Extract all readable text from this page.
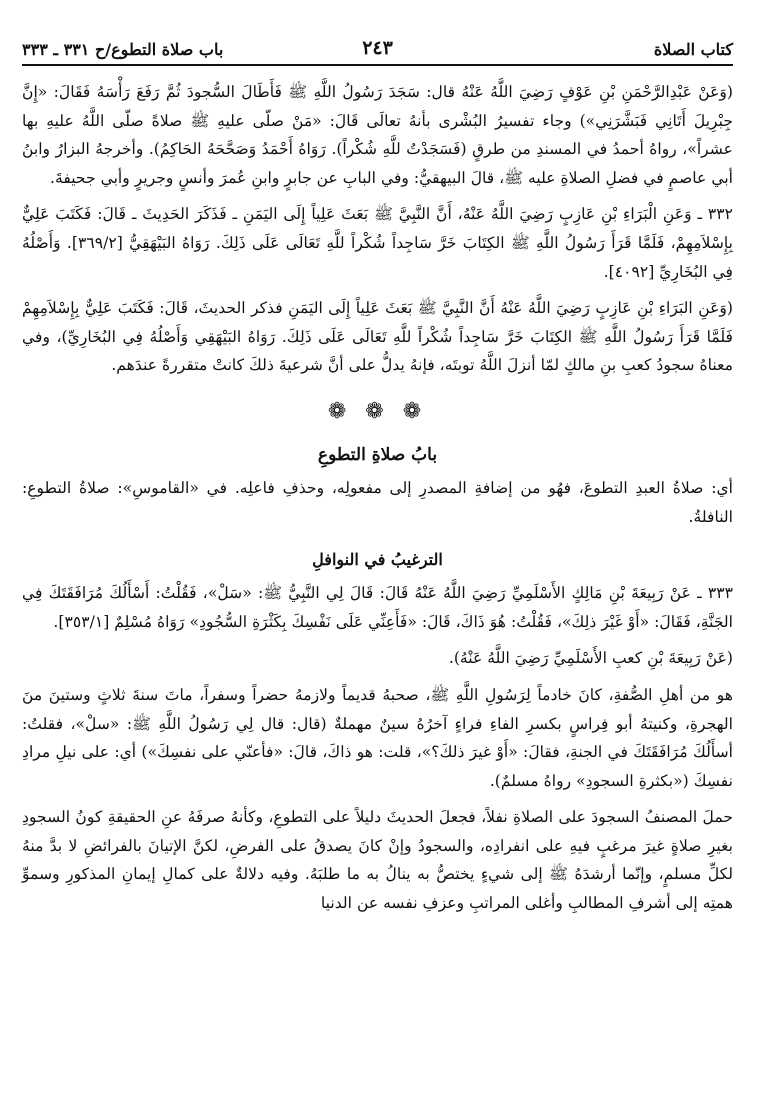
كتاب الصلاة
٢٤٣
باب صلاة التطوع/ح ٣٣١ ـ ٣٣٣

(وَعَنْ عَبْدِالرَّحْمَنِ بْنِ عَوْفٍ رَضِيَ اللَّهُ عَنْهُ قال: سَجَدَ رَسُولُ اللَّهِ ﷺ فَأَطَالَ السُّجودَ ثُمَّ رَفَعَ رَأْسَهُ فَقَالَ: «إِنَّ جِبْرِيلَ أَتَانِي فَبَشَّرَنِي») وجاء تفسيرُ البُشْرى بأنهُ تعالَى قَالَ: «مَنْ صلّى عليهِ ﷺ صلاةً صلّى اللَّهُ عليهِ بها عشراً»، رواهُ أحمدُ في المسندِ من طرقٍ (فَسَجَدْتُ للَّهِ شُكْراً). رَوَاهُ أَحْمَدُ وَصَحَّحَهُ الحَاكِمُ). وأخرجهُ البزارُ وابنُ أبي عاصمٍ في فضلِ الصلاةِ عليه ﷺ، قالَ البيهقيُّ: وفي البابِ عن جابرٍ وابنِ عُمرَ وأنسٍ وجريرٍ وأبي جحيفةَ.

٣٣٢ ـ وَعَنِ الْبَرَاءِ بْنِ عَازِبٍ رَضِيَ اللَّهُ عَنْهُ، أَنَّ النَّبِيَّ ﷺ بَعَثَ عَلِياً إِلَى اليَمَنِ ـ فَذَكَرَ الحَدِيثَ ـ قَالَ: فَكَتَبَ عَلِيٌّ بِإِسْلاَمِهِمْ، فَلَمَّا قَرَأَ رَسُولُ اللَّهِ ﷺ الكِتَابَ خَرَّ سَاجِداً شُكْراً للَّهِ تَعَالَى عَلَى ذَلِكَ. رَوَاهُ البَيْهَقِيُّ [٣٦٩/٢]. وَأَصْلُهُ فِي البُخَارِيِّ [٤٠٩٢].

(وَعَنِ البَرَاءِ بْنِ عَازِبٍ رَضِيَ اللَّهُ عَنْهُ أَنَّ النَّبِيَّ ﷺ بَعَثَ عَلِياً إِلَى اليَمَنِ فذكر الحديثَ، قَالَ: فَكَتَبَ عَلِيٌّ بِإِسْلاَمِهِمْ فَلَمَّا قَرَأَ رَسُولُ اللَّهِ ﷺ الكِتَابَ خَرَّ سَاجِداً شُكْراً للَّهِ تَعَالَى عَلَى ذَلِكَ. رَوَاهُ البَيْهَقِي وَأَصْلُهُ فِي البُخَارِيِّ)، وفي معناهُ سجودُ كعبِ بنِ مالكٍ لمّا أنزلَ اللَّهُ توبتَه، فإنهُ يدلُّ على أنَّ شرعيةَ ذلكَ كانتْ متقررةً عندَهم.

❁ ❁ ❁
بابُ صلاةِ التطوعِ

أي: صلاةُ العبدِ التطوعَ، فهُو من إضافةِ المصدرِ إلى مفعولِه، وحذفِ فاعلِه. في «القاموسِ»: صلاةُ التطوعِ: النافلةُ.

الترغيبُ في النوافلِ

٣٣٣ ـ عَنْ رَبِيعَةَ بْنِ مَالِكٍ الأَسْلَمِيِّ رَضِيَ اللَّهُ عَنْهُ قَالَ: قَالَ لِي النَّبِيُّ ﷺ: «سَلْ»، فَقُلْتُ: أَسْأَلُكَ مُرَافَقَتَكَ فِي الجَنَّةِ، فَقَالَ: «أَوْ غَيْرَ ذلِكَ»، فَقُلْتُ: هُوَ ذَاكَ، قَالَ: «فَأَعِنِّي عَلَى نَفْسِكَ بِكَثْرَةِ السُّجُودِ» رَوَاهُ مُسْلِمٌ [٣٥٣/١].

(عَنْ رَبِيعَةَ بْنِ كعبِ الأَسْلَمِيِّ رَضِيَ اللَّهُ عَنْهُ).

هو من أهلِ الصُّفةِ، كانَ خادماً لِرَسُولِ اللَّهِ ﷺ، صحبهُ قديماً ولازمهُ حضراً وسفراً، ماتَ سنةَ ثلاثٍ وستينَ منَ الهجرةِ، وكنيتهُ أبو فِراسٍ بكسرِ الفاءِ فراءٍ آخرُهُ سينٌ مهملةٌ (قال: قال لِي رَسُولُ اللَّهِ ﷺ: «سلْ»، فقلتُ: أسأَلُكَ مُرَافَقَتَكَ في الجنةِ، فقالَ: «أَوْ غيرَ ذلكَ؟»، قلت: هو ذاكَ، قالَ: «فأعنّي على نفسِكَ») أي: على نيلِ مرادِ نفسِكَ («بكثرةِ السجودِ» رواهُ مسلمٌ).

حملَ المصنفُ السجودَ على الصلاةِ نفلاً، فجعلَ الحديثَ دليلاً على التطوعِ، وكأنهُ صرفَهُ عنِ الحقيقةِ كونُ السجودِ بغيرِ صلاةٍ غيرَ مرغبٍ فيهِ على انفرادِه، والسجودُ وإنْ كانَ يصدقُ على الفرضِ، لكنَّ الإتيانَ بالفرائضِ لا بدَّ منهُ لكلِّ مسلمٍ، وإنّما أرشدَهُ ﷺ إلى شيءٍ يختصُّ به ينالُ به ما طلبَهُ. وفيه دلالةٌ على كمالِ إيمانِ المذكورِ وسموِّ همتِه إلى أشرفِ المطالبِ وأغلى المراتبِ وعزفِ نفسه عن الدنيا
